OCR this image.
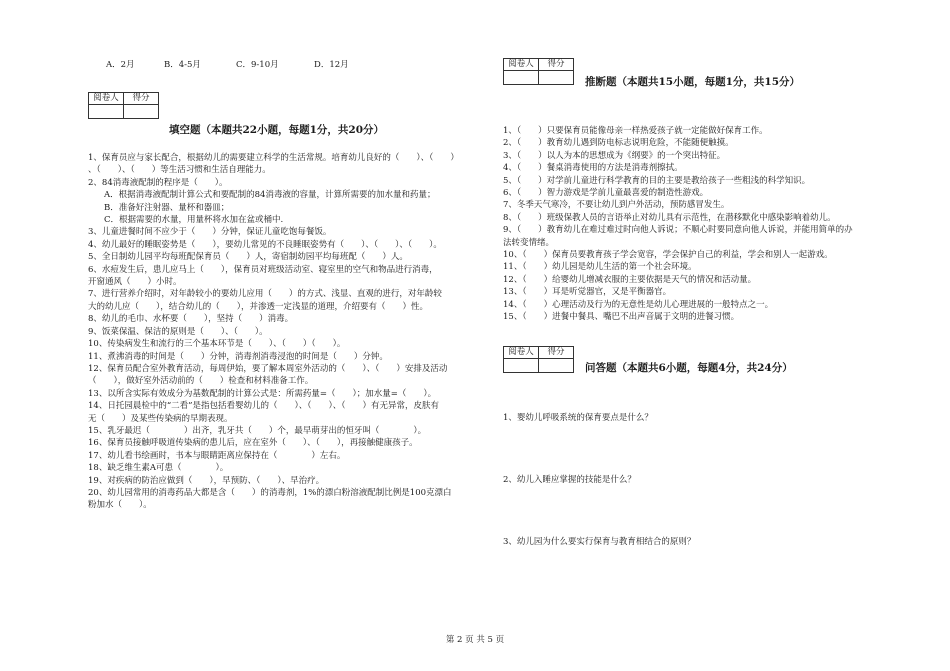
A．2月	B．4-5月	C．9-10月	D．12月
阅卷人	得分

填空题（本题共22小题，每题1分，共20分）

1、保育员应与家长配合，根据幼儿的需要建立科学的生活常规。培育幼儿良好的（　　）、（　　）

、（　　）、（　　）等生活习惯和生活自理能力。

2、84消毒液配制的程序是（　　）。

A．根据消毒液配制计算公式和要配制的84消毒液的容量，计算所需要的加水量和药量；

B．准备好注射器、量杯和器皿；

C．根据需要的水量，用量杯将水加在盆或桶中.

3、儿童进餐时间不应少于（　　）分钟，保证儿童吃饱每餐饭。

4、幼儿最好的睡眠姿势是（　　），要幼儿常见的不良睡眠姿势有（　　）、（　　）、（　　）。

5、全日制幼儿园平均每班配保育员（　　）人，寄宿制幼园平均每班配（　　）人。

6、水痘发生后，患儿应马上（　　），保育员对班级活动室、寝室里的空气和物品进行消毒，

开窗通风（　　）小时。

7、进行营养介绍时，对年龄较小的要幼儿应用（　　）的方式、浅显、直观的进行，对年龄较

大的幼儿应（　　），结合幼儿的（　　），并渗透一定浅显的道理，介绍要有（　　）性。

8、幼儿的毛巾、水杯要（　　），坚持（　　）消毒。

9、饭菜保温、保洁的原则是（　　）、（　　）。

10、传染病发生和流行的三个基本环节是（　　）、（　　）（　　）。

11、煮沸消毒的时间是（　　）分钟，消毒剂消毒浸泡的时间是（　　）分钟。

12、保育员配合室外教育活动，每周伊始，要了解本周室外活动的（　　）、（　　）安排及活动

（　　），做好室外活动前的（　　）检查和材料准备工作。

13、以所含实际有效成分为基数配制的计算公式是：所需药量=（　　）；加水量=（　　）。

14、日托园晨检中的“二看”是指包括看婴幼儿的（　　）、（　　）、（　　）有无异常，皮肤有

无（　　）及某些传染病的早期表现。

15、乳牙最迟（　　　　）出齐，乳牙共（　　）个，最早萌芽出的恒牙叫（　　　　）。

16、保育员接触呼吸道传染病的患儿后，应在室外（　　）、（　　），再接触健康孩子。

17、幼儿看书绘画时，书本与眼睛距离应保持在（　　　　）左右。

18、缺乏维生素A可患（　　　　）。

19、对疾病的防治应做到（　　），早预防、（　　）、早治疗。

20、幼儿园常用的消毒药品大都是含（　　）的消毒剂，1%的漂白粉溶液配制比例是100克漂白

粉加水（　　）。

阅卷人	得分

推断题（本题共15小题，每题1分，共15分）

1、（　　）只要保育员能像母亲一样热爱孩子就一定能做好保育工作。

2、（　　）教育幼儿遇到防电标志说明危险，不能随便触摸。

3、（　　）以人为本的思想成为《纲要》的一个突出特征。

4、（　　）餐桌消毒使用的方法是消毒剂擦拭。

5、（　　）对学前儿童进行科学教育的目的主要是教给孩子一些粗浅的科学知识。

6、（　　）智力游戏是学前儿童最喜爱的制造性游戏。

7、冬季天气寒冷，不要让幼儿到户外活动，预防感冒发生。

8、（　　）班级保教人员的言语举止对幼儿具有示范性，在潜移默化中感染影响着幼儿。

9、（　　）教育幼儿在难过难过时向他人诉说；不顺心时要同意向他人诉说，并能用简单的办

法转变情绪。

10、（　　）保育员要教育孩子学会宽容，学会保护自己的利益，学会和别人一起游戏。

11、（　　）幼儿园是幼儿生活的第一个社会环境。

12、（　　）给婴幼儿增减衣服的主要依据是天气的情况和活动量。

13、（　　）耳是听觉器官，又是平衡器官。

14、（　　）心理活动及行为的无意性是幼儿心理进展的一般特点之一。

15、（　　）进餐中餐具、嘴巴不出声音属于文明的进餐习惯。

阅卷人	得分

问答题（本题共6小题，每题4分，共24分）

1、婴幼儿呼吸系统的保育要点是什么？

2、幼儿入睡应掌握的技能是什么？

3、幼儿园为什么要实行保育与教育相结合的原则？

第 2 页 共 5 页
